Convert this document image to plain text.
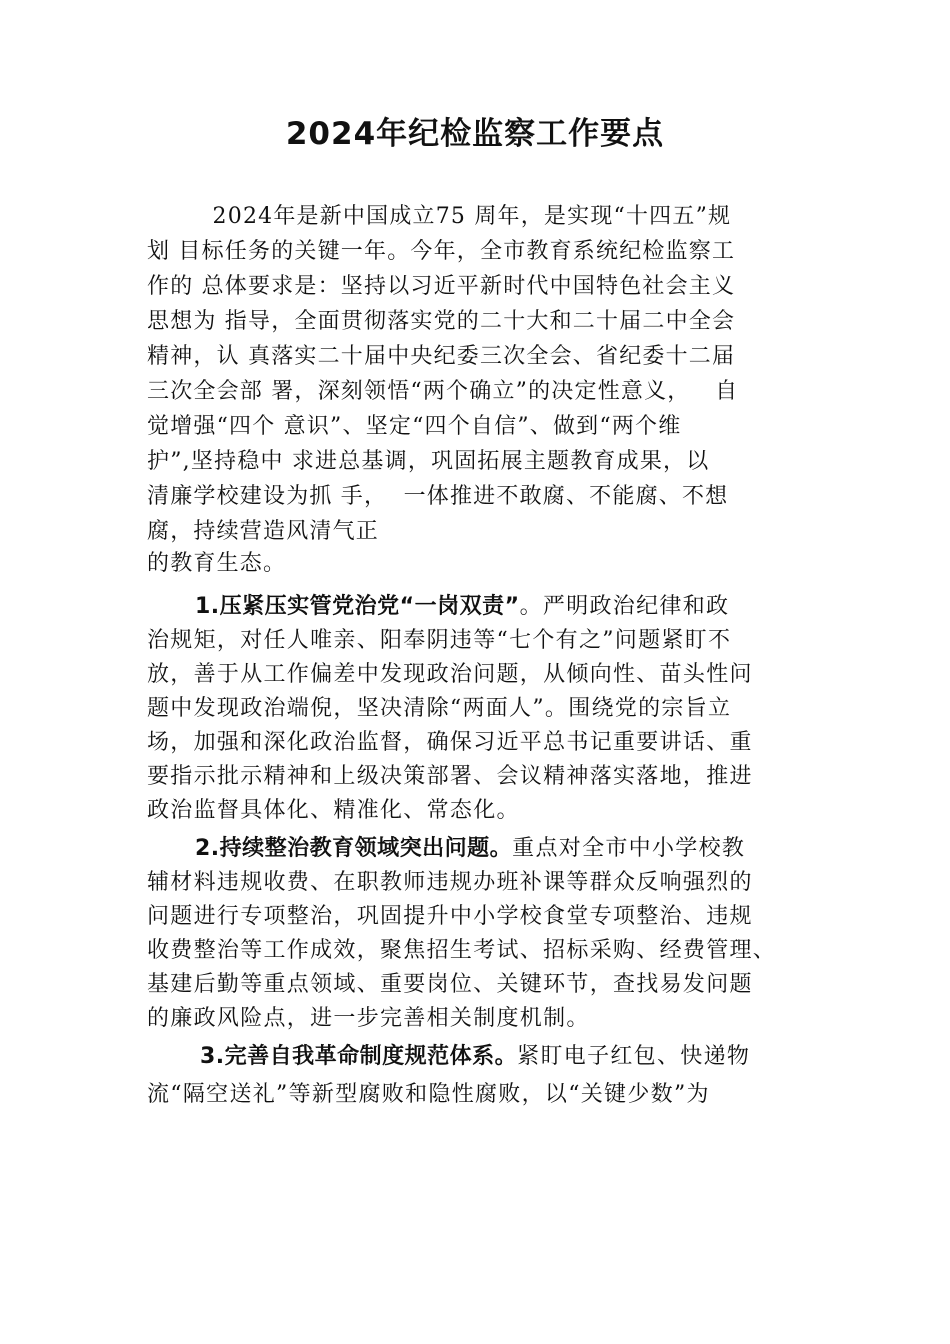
2024年纪检监察工作要点

2024年是新中国成立75 周年，是实现“十四五”规

划 目标任务的关键一年。今年，全市教育系统纪检监察工

作的 总体要求是：坚持以习近平新时代中国特色社会主义

思想为 指导，全面贯彻落实党的二十大和二十届二中全会

精神，认 真落实二十届中央纪委三次全会、省纪委十二届

三次全会部 署，深刻领悟“两个确立”的决定性意义，   自

觉增强“四个 意识”、坚定“四个自信”、做到“两个维

护”,坚持稳中 求进总基调，巩固拓展主题教育成果，以

清廉学校建设为抓 手，  一体推进不敢腐、不能腐、不想

腐，持续营造风清气正

的教育生态。

1.压紧压实管党治党“一岗双责”。严明政治纪律和政

治规矩，对任人唯亲、阳奉阴违等“七个有之”问题紧盯不

放，善于从工作偏差中发现政治问题，从倾向性、苗头性问

题中发现政治端倪，坚决清除“两面人”。围绕党的宗旨立

场，加强和深化政治监督，确保习近平总书记重要讲话、重

要指示批示精神和上级决策部署、会议精神落实落地，推进

政治监督具体化、精准化、常态化。

2.持续整治教育领域突出问题。重点对全市中小学校教

辅材料违规收费、在职教师违规办班补课等群众反响强烈的

问题进行专项整治，巩固提升中小学校食堂专项整治、违规

收费整治等工作成效，聚焦招生考试、招标采购、经费管理、

基建后勤等重点领域、重要岗位、关键环节，查找易发问题

的廉政风险点，进一步完善相关制度机制。

3.完善自我革命制度规范体系。紧盯电子红包、快递物

流“隔空送礼”等新型腐败和隐性腐败，以“关键少数”为
